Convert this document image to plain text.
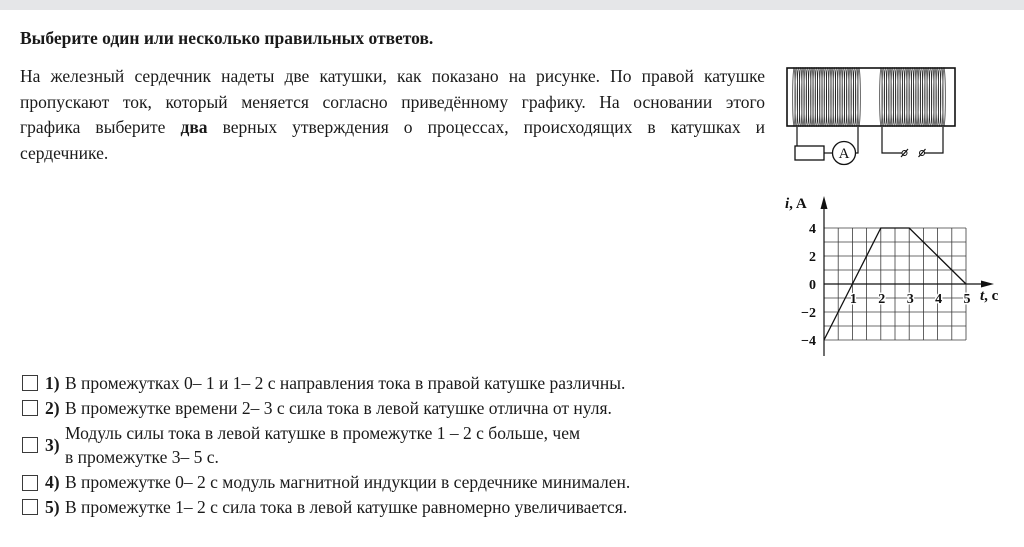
Выберите один или несколько правильных ответов.
На железный сердечник надеты две катушки, как показано на рисунке. По правой катушке
пропускают ток, который меняется согласно приведённому графику. На основании этого
графика выберите два верных утверждения о процессах, происходящих в катушках и
сердечнике.	A
4
2
0
−2
−4
1 2 3 4 5
i, A
t, с
1) В промежутках 0– 1 и 1– 2 с направления тока в правой катушке различны.
2) В промежутке времени 2– 3 с сила тока в левой катушке отлична от нуля.
3)
Модуль силы тока в левой катушке в промежутке 1 – 2 с больше, чем
в промежутке 3– 5 с.
4) В промежутке 0– 2 с модуль магнитной индукции в сердечнике минимален.
5) В промежутке 1– 2 с сила тока в левой катушке равномерно увеличивается.
